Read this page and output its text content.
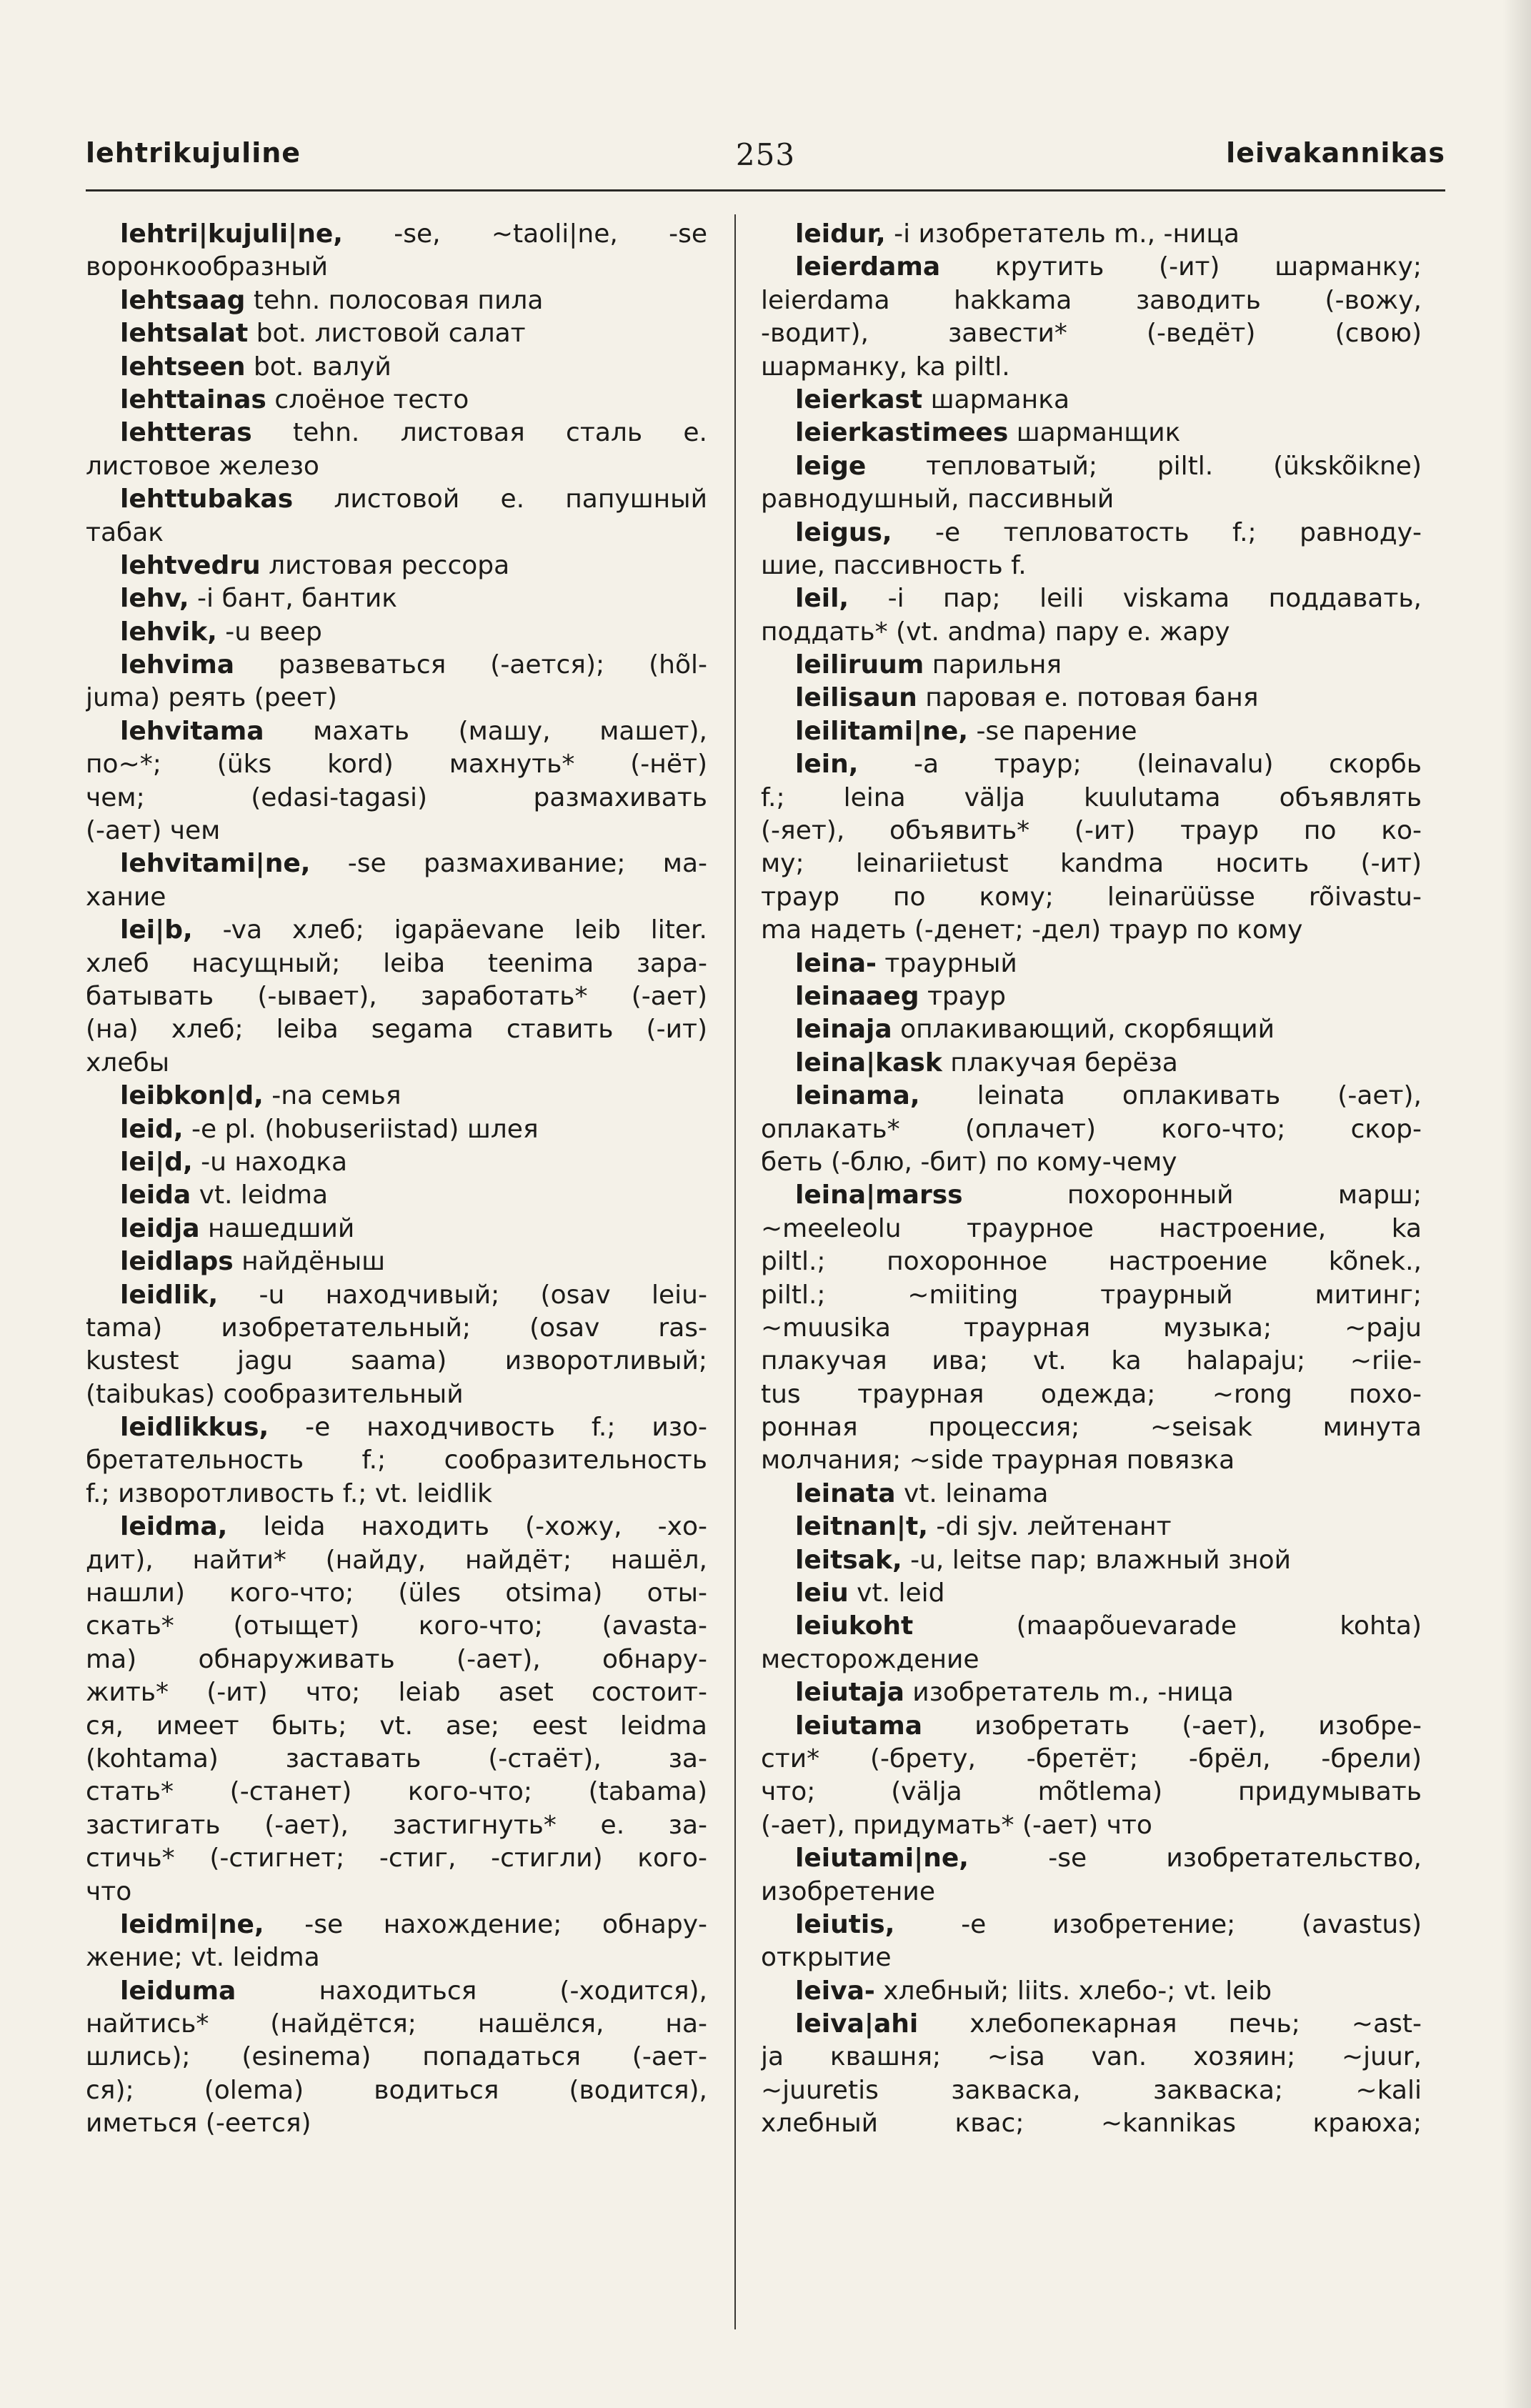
lehtrikujuline	253	leivakannikas
lehtri|kujuli|ne, -se, ~taoli|ne, -se
воронкообразный
lehtsaag tehn. полосовая пила
lehtsalat bot. листовой салат
lehtseen bot. валуй
lehttainas слоёное тесто
lehtteras tehn. листовая сталь e.
листовое железо
lehttubakas листовой e. папушный
табак
lehtvedru листовая рессора
lehv, -i бант, бантик
lehvik, -u веер
lehvima развеваться (-ается); (hõl-
juma) реять (реет)
lehvitama махать (машу, машет),
по~*; (üks kord) махнуть* (-нёт)
чем; (edasi-tagasi) размахивать
(-ает) чем
lehvitami|ne, -se размахивание; ма-
хание
lei|b, -va хлеб; igapäevane leib liter.
хлеб насущный; leiba teenima зара-
батывать (-ывает), заработать* (-ает)
(на) хлеб; leiba segama ставить (-ит)
хлебы
leibkon|d, -na семья
leid, -e pl. (hobuseriistad) шлея
lei|d, -u находка
leida vt. leidma
leidja нашедший
leidlaps найдёныш
leidlik, -u находчивый; (osav leiu-
tama) изобретательный; (osav ras-
kustest jagu saama) изворотливый;
(taibukas) сообразительный
leidlikkus, -e находчивость f.; изо-
бретательность f.; сообразительность
f.; изворотливость f.; vt. leidlik
leidma, leida находить (-хожу, -хо-
дит), найти* (найду, найдёт; нашёл,
нашли) кого-что; (üles otsima) оты-
скать* (отыщет) кого-что; (avasta-
ma) обнаруживать (-ает), обнару-
жить* (-ит) что; leiab aset состоит-
ся, имеет быть; vt. ase; eest leidma
(kohtama) заставать (-стаёт), за-
стать* (-станет) кого-что; (tabama)
застигать (-ает), застигнуть* e. за-
стичь* (-стигнет; -стиг, -стигли) кого-
что
leidmi|ne, -se нахождение; обнару-
жение; vt. leidma
leiduma находиться (-ходится),
найтись* (найдётся; нашёлся, на-
шлись); (esinema) попадаться (-ает-
ся); (olema) водиться (водится),
иметься (-еется)
leidur, -i изобретатель m., -ница
leierdama крутить (-ит) шарманку;
leierdama hakkama заводить (-вожу,
-водит), завести* (-ведёт) (свою)
шарманку, ka piltl.
leierkast шарманка
leierkastimees шарманщик
leige тепловатый; piltl. (ükskõikne)
равнодушный, пассивный
leigus, -e тепловатость f.; равноду-
шие, пассивность f.
leil, -i пар; leili viskama поддавать,
поддать* (vt. andma) пару e. жару
leiliruum парильня
leilisaun паровая e. потовая баня
leilitami|ne, -se парение
lein, -a траур; (leinavalu) скорбь
f.; leina välja kuulutama объявлять
(-яет), объявить* (-ит) траур по ко-
му; leinariietust kandma носить (-ит)
траур по кому; leinarüüsse rõivastu-
ma надеть (-денет; -дел) траур по кому
leina- траурный
leinaaeg траур
leinaja оплакивающий, скорбящий
leina|kask плакучая берёза
leinama, leinata оплакивать (-ает),
оплакать* (оплачет) кого-что; скор-
беть (-блю, -бит) по кому-чему
leina|marss похоронный марш;
~meeleolu траурное настроение, ka
piltl.; похоронное настроение kõnek.,
piltl.; ~miiting траурный митинг;
~muusika траурная музыка; ~paju
плакучая ива; vt. ka halapaju; ~riie-
tus траурная одежда; ~rong похо-
ронная процессия; ~seisak минута
молчания; ~side траурная повязка
leinata vt. leinama
leitnan|t, -di sjv. лейтенант
leitsak, -u, leitse пар; влажный зной
leiu vt. leid
leiukoht (maapõuevarade kohta)
месторождение
leiutaja изобретатель m., -ница
leiutama изобретать (-ает), изобре-
сти* (-брету, -бретёт; -брёл, -брели)
что; (välja mõtlema) придумывать
(-ает), придумать* (-ает) что
leiutami|ne, -se изобретательство,
изобретение
leiutis, -e изобретение; (avastus)
открытие
leiva- хлебный; liits. хлебо-; vt. leib
leiva|ahi хлебопекарная печь; ~ast-
ja квашня; ~isa van. хозяин; ~juur,
~juuretis закваска, закваска; ~kali
хлебный квас; ~kannikas краюха;
